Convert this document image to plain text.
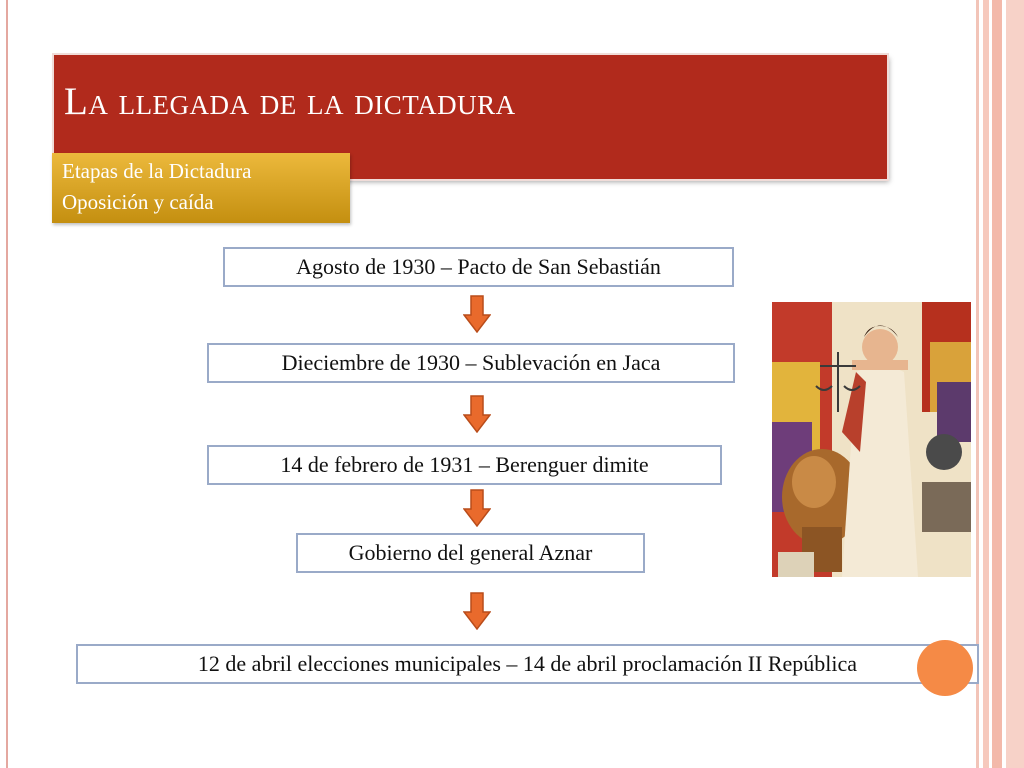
La llegada de la dictadura
Etapas de la Dictadura
Oposición y caída
Agosto de 1930 – Pacto de San Sebastián
Dieciembre de 1930 – Sublevación en Jaca
14 de febrero de 1931 – Berenguer dimite
Gobierno del general Aznar
12 de abril elecciones municipales – 14 de abril proclamación II República
